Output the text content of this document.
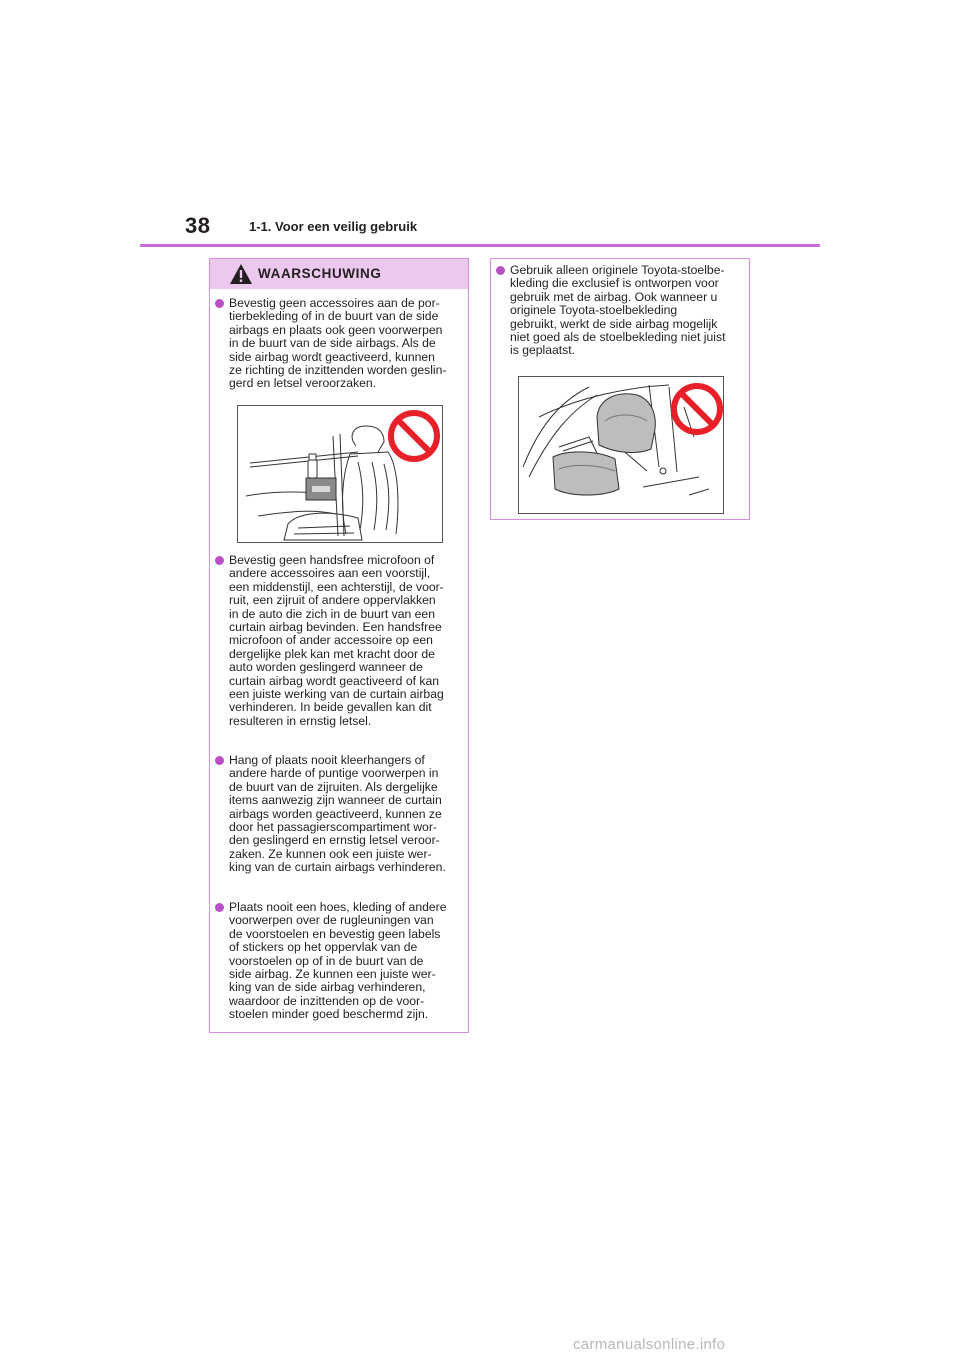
38	1-1. Voor een veilig gebruik
WAARSCHUWING
Bevestig geen accessoires aan de por-
tierbekleding of in de buurt van de side
airbags en plaats ook geen voorwerpen
in de buurt van de side airbags. Als de
side airbag wordt geactiveerd, kunnen
ze richting de inzittenden worden geslin-
gerd en letsel veroorzaken.
Bevestig geen handsfree microfoon of
andere accessoires aan een voorstijl,
een middenstijl, een achterstijl, de voor-
ruit, een zijruit of andere oppervlakken
in de auto die zich in de buurt van een
curtain airbag bevinden. Een handsfree
microfoon of ander accessoire op een
dergelijke plek kan met kracht door de
auto worden geslingerd wanneer de
curtain airbag wordt geactiveerd of kan
een juiste werking van de curtain airbag
verhinderen. In beide gevallen kan dit
resulteren in ernstig letsel.
Hang of plaats nooit kleerhangers of
andere harde of puntige voorwerpen in
de buurt van de zijruiten. Als dergelijke
items aanwezig zijn wanneer de curtain
airbags worden geactiveerd, kunnen ze
door het passagierscompartiment wor-
den geslingerd en ernstig letsel veroor-
zaken. Ze kunnen ook een juiste wer-
king van de curtain airbags verhinderen.
Plaats nooit een hoes, kleding of andere
voorwerpen over de rugleuningen van
de voorstoelen en bevestig geen labels
of stickers op het oppervlak van de
voorstoelen op of in de buurt van de
side airbag. Ze kunnen een juiste wer-
king van de side airbag verhinderen,
waardoor de inzittenden op de voor-
stoelen minder goed beschermd zijn.
Gebruik alleen originele Toyota-stoelbe-
kleding die exclusief is ontworpen voor
gebruik met de airbag. Ook wanneer u
originele Toyota-stoelbekleding
gebruikt, werkt de side airbag mogelijk
niet goed als de stoelbekleding niet juist
is geplaatst.
carmanualsonline.info
